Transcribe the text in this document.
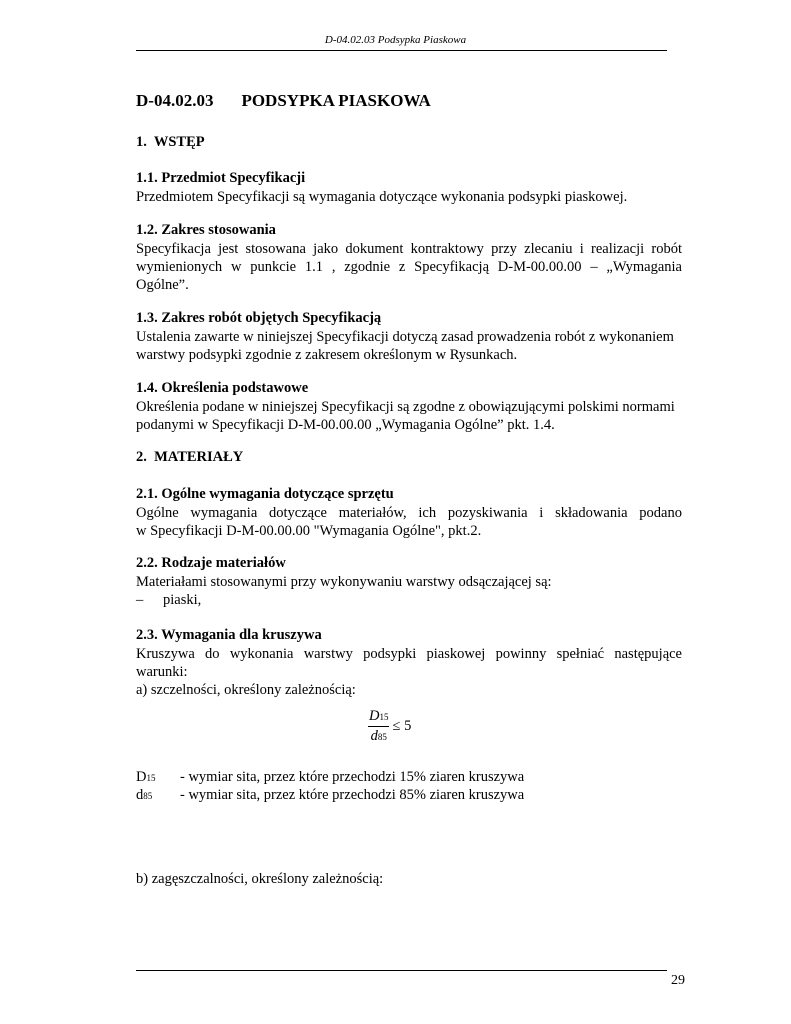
D-04.02.03 Podsypka Piaskowa
D-04.02.03 PODSYPKA PIASKOWA
1.  WSTĘP
1.1. Przedmiot Specyfikacji
Przedmiotem Specyfikacji są wymagania dotyczące wykonania podsypki piaskowej.
1.2. Zakres stosowania
Specyfikacja jest stosowana jako dokument kontraktowy przy zlecaniu i realizacji robót
wymienionych w punkcie 1.1 , zgodnie z Specyfikacją D-M-00.00.00 – „Wymagania
Ogólne”.
1.3. Zakres robót objętych Specyfikacją
Ustalenia zawarte w niniejszej Specyfikacji dotyczą zasad prowadzenia robót z wykonaniem
warstwy podsypki zgodnie z zakresem określonym w Rysunkach.
1.4. Określenia podstawowe
Określenia podane w niniejszej Specyfikacji są zgodne z obowiązującymi polskimi normami
podanymi w Specyfikacji D-M-00.00.00 „Wymagania Ogólne” pkt. 1.4.
2.  MATERIAŁY
2.1. Ogólne wymagania dotyczące sprzętu
Ogólne wymagania dotyczące materiałów, ich pozyskiwania i składowania podano
w Specyfikacji D-M-00.00.00 "Wymagania Ogólne", pkt.2.
2.2. Rodzaje materiałów
Materiałami stosowanymi przy wykonywaniu warstwy odsączającej są:
– piaski,
2.3. Wymagania dla kruszywa
Kruszywa do wykonania warstwy podsypki piaskowej powinny spełniać następujące
warunki:
a) szczelności, określony zależnością:
$\frac{D15}{d85} \le 5$
D15 - wymiar sita, przez które przechodzi 15% ziaren kruszywa
d85 - wymiar sita, przez które przechodzi 85% ziaren kruszywa
b) zagęszczalności, określony zależnością:
29
